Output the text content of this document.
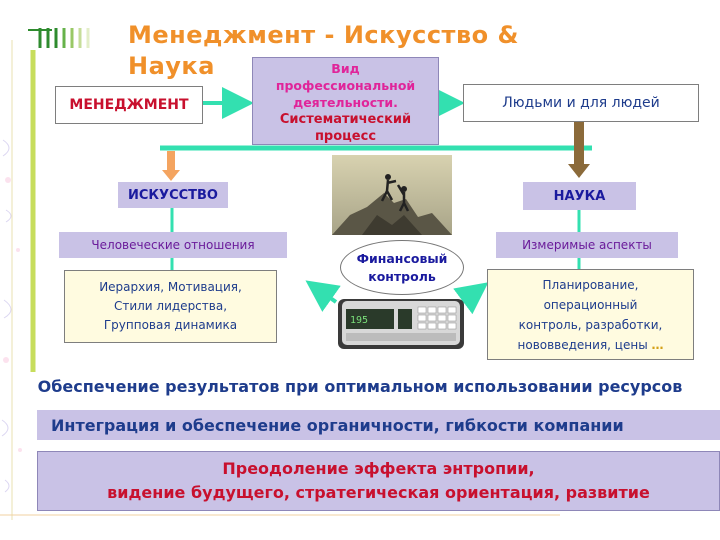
Менеджмент - Искусство & Наука
МЕНЕДЖМЕНТ
Вид
профессиональной
деятельности.
Систематический
процесс
Людьми и для людей
ИСКУССТВО	НАУКА
Человеческие отношения	Измеримые аспекты
Иерархия, Мотивация,
Стили лидерства,
Групповая динамика
Планирование,
операционный
контроль, разработки,
нововведения, цены …
Финансовый
контроль
195
Обеспечение результатов при оптимальном использовании ресурсов
Интеграция и обеспечение органичности, гибкости компании
Преодоление эффекта энтропии,
видение будущего, стратегическая ориентация, развитие
